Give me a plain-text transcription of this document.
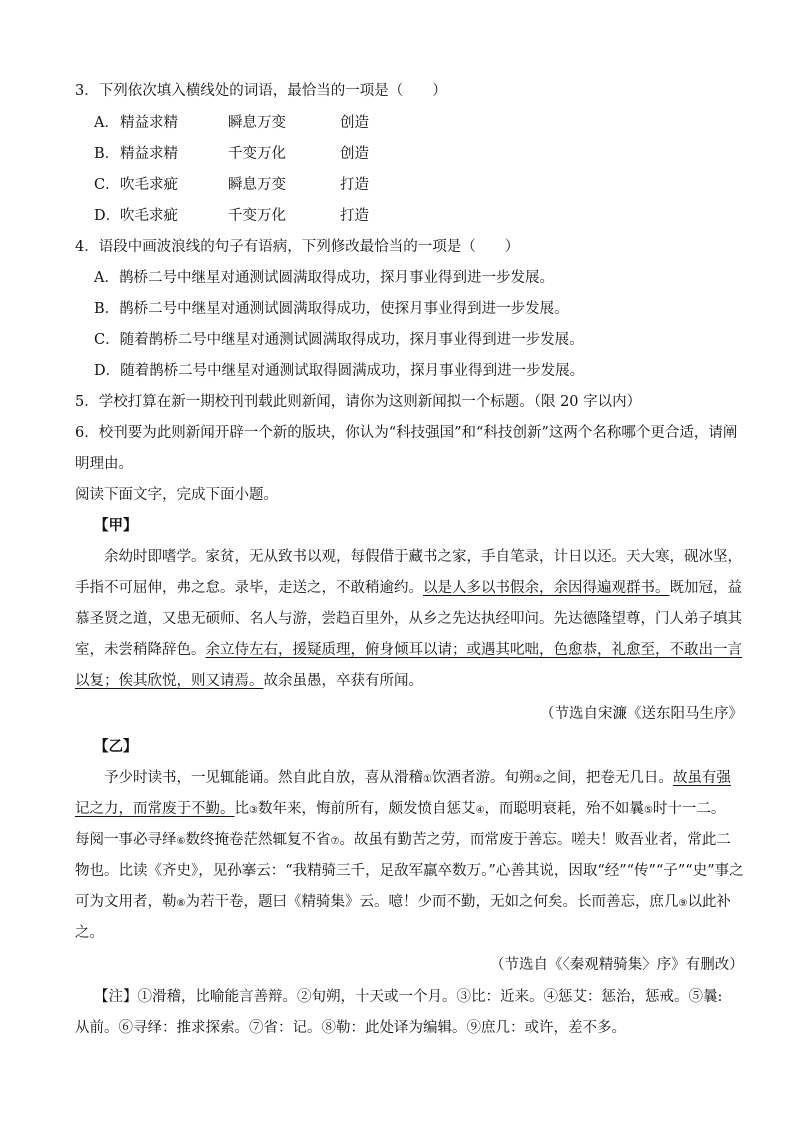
3．下列依次填入横线处的词语，最恰当的一项是（　　）
A． 精益求精	瞬息万变	创造
B． 精益求精	千变万化	创造
C． 吹毛求疵	瞬息万变	打造
D． 吹毛求疵	千变万化	打造
4．语段中画波浪线的句子有语病，下列修改最恰当的一项是（　　）
A．鹊桥二号中继星对通测试圆满取得成功，探月事业得到进一步发展。
B．鹊桥二号中继星对通测试圆满取得成功，使探月事业得到进一步发展。
C．随着鹊桥二号中继星对通测试圆满取得成功，探月事业得到进一步发展。
D．随着鹊桥二号中继星对通测试取得圆满成功，探月事业得到进一步发展。
5．学校打算在新一期校刊刊载此则新闻，请你为这则新闻拟一个标题。（限 20 字以内）
6．校刊要为此则新闻开辟一个新的版块，你认为“科技强国”和“科技创新”这两个名称哪个更合适，请阐
明理由。
阅读下面文字，完成下面小题。
【甲】
余幼时即嗜学。家贫，无从致书以观，每假借于藏书之家，手自笔录，计日以还。天大寒，砚冰坚，
手指不可屈伸，弗之怠。录毕，走送之，不敢稍逾约。以是人多以书假余，余因得遍观群书。既加冠，益
慕圣贤之道，又患无硕师、名人与游，尝趋百里外，从乡之先达执经叩问。先达德隆望尊，门人弟子填其
室，未尝稍降辞色。余立侍左右，援疑质理，俯身倾耳以请；或遇其叱咄，色愈恭，礼愈至，不敢出一言
以复；俟其欣悦，则又请焉。故余虽愚，卒获有所闻。
（节选自宋濂《送东阳马生序》
【乙】
予少时读书，一见辄能诵。然自此自放，喜从滑稽①饮酒者游。旬朔②之间，把卷无几日。故虽有强
记之力，而常废于不勤。比③数年来，悔前所有，颇发愤自惩艾④，而聪明衰耗，殆不如曩⑤时十一二。
每阅一事必寻绎⑥数终掩卷茫然辄复不省⑦。故虽有勤苦之劳，而常废于善忘。嗟夫！败吾业者，常此二
物也。比读《齐史》，见孙搴云：“我精骑三千，足敌军羸卒数万。”心善其说，因取“经”“传”“子”“史”事之
可为文用者，勒⑧为若干卷，题曰《精骑集》云。噫！少而不勤，无如之何矣。长而善忘，庶几⑨以此补
之。
（节选自《〈秦观精骑集〉序》有删改）
【注】①滑稽，比喻能言善辩。②旬朔，十天或一个月。③比：近来。④惩艾：惩治，惩戒。⑤曩:
从前。⑥寻绎：推求探索。⑦省：记。⑧勒：此处译为编辑。⑨庶几：或许，差不多。
